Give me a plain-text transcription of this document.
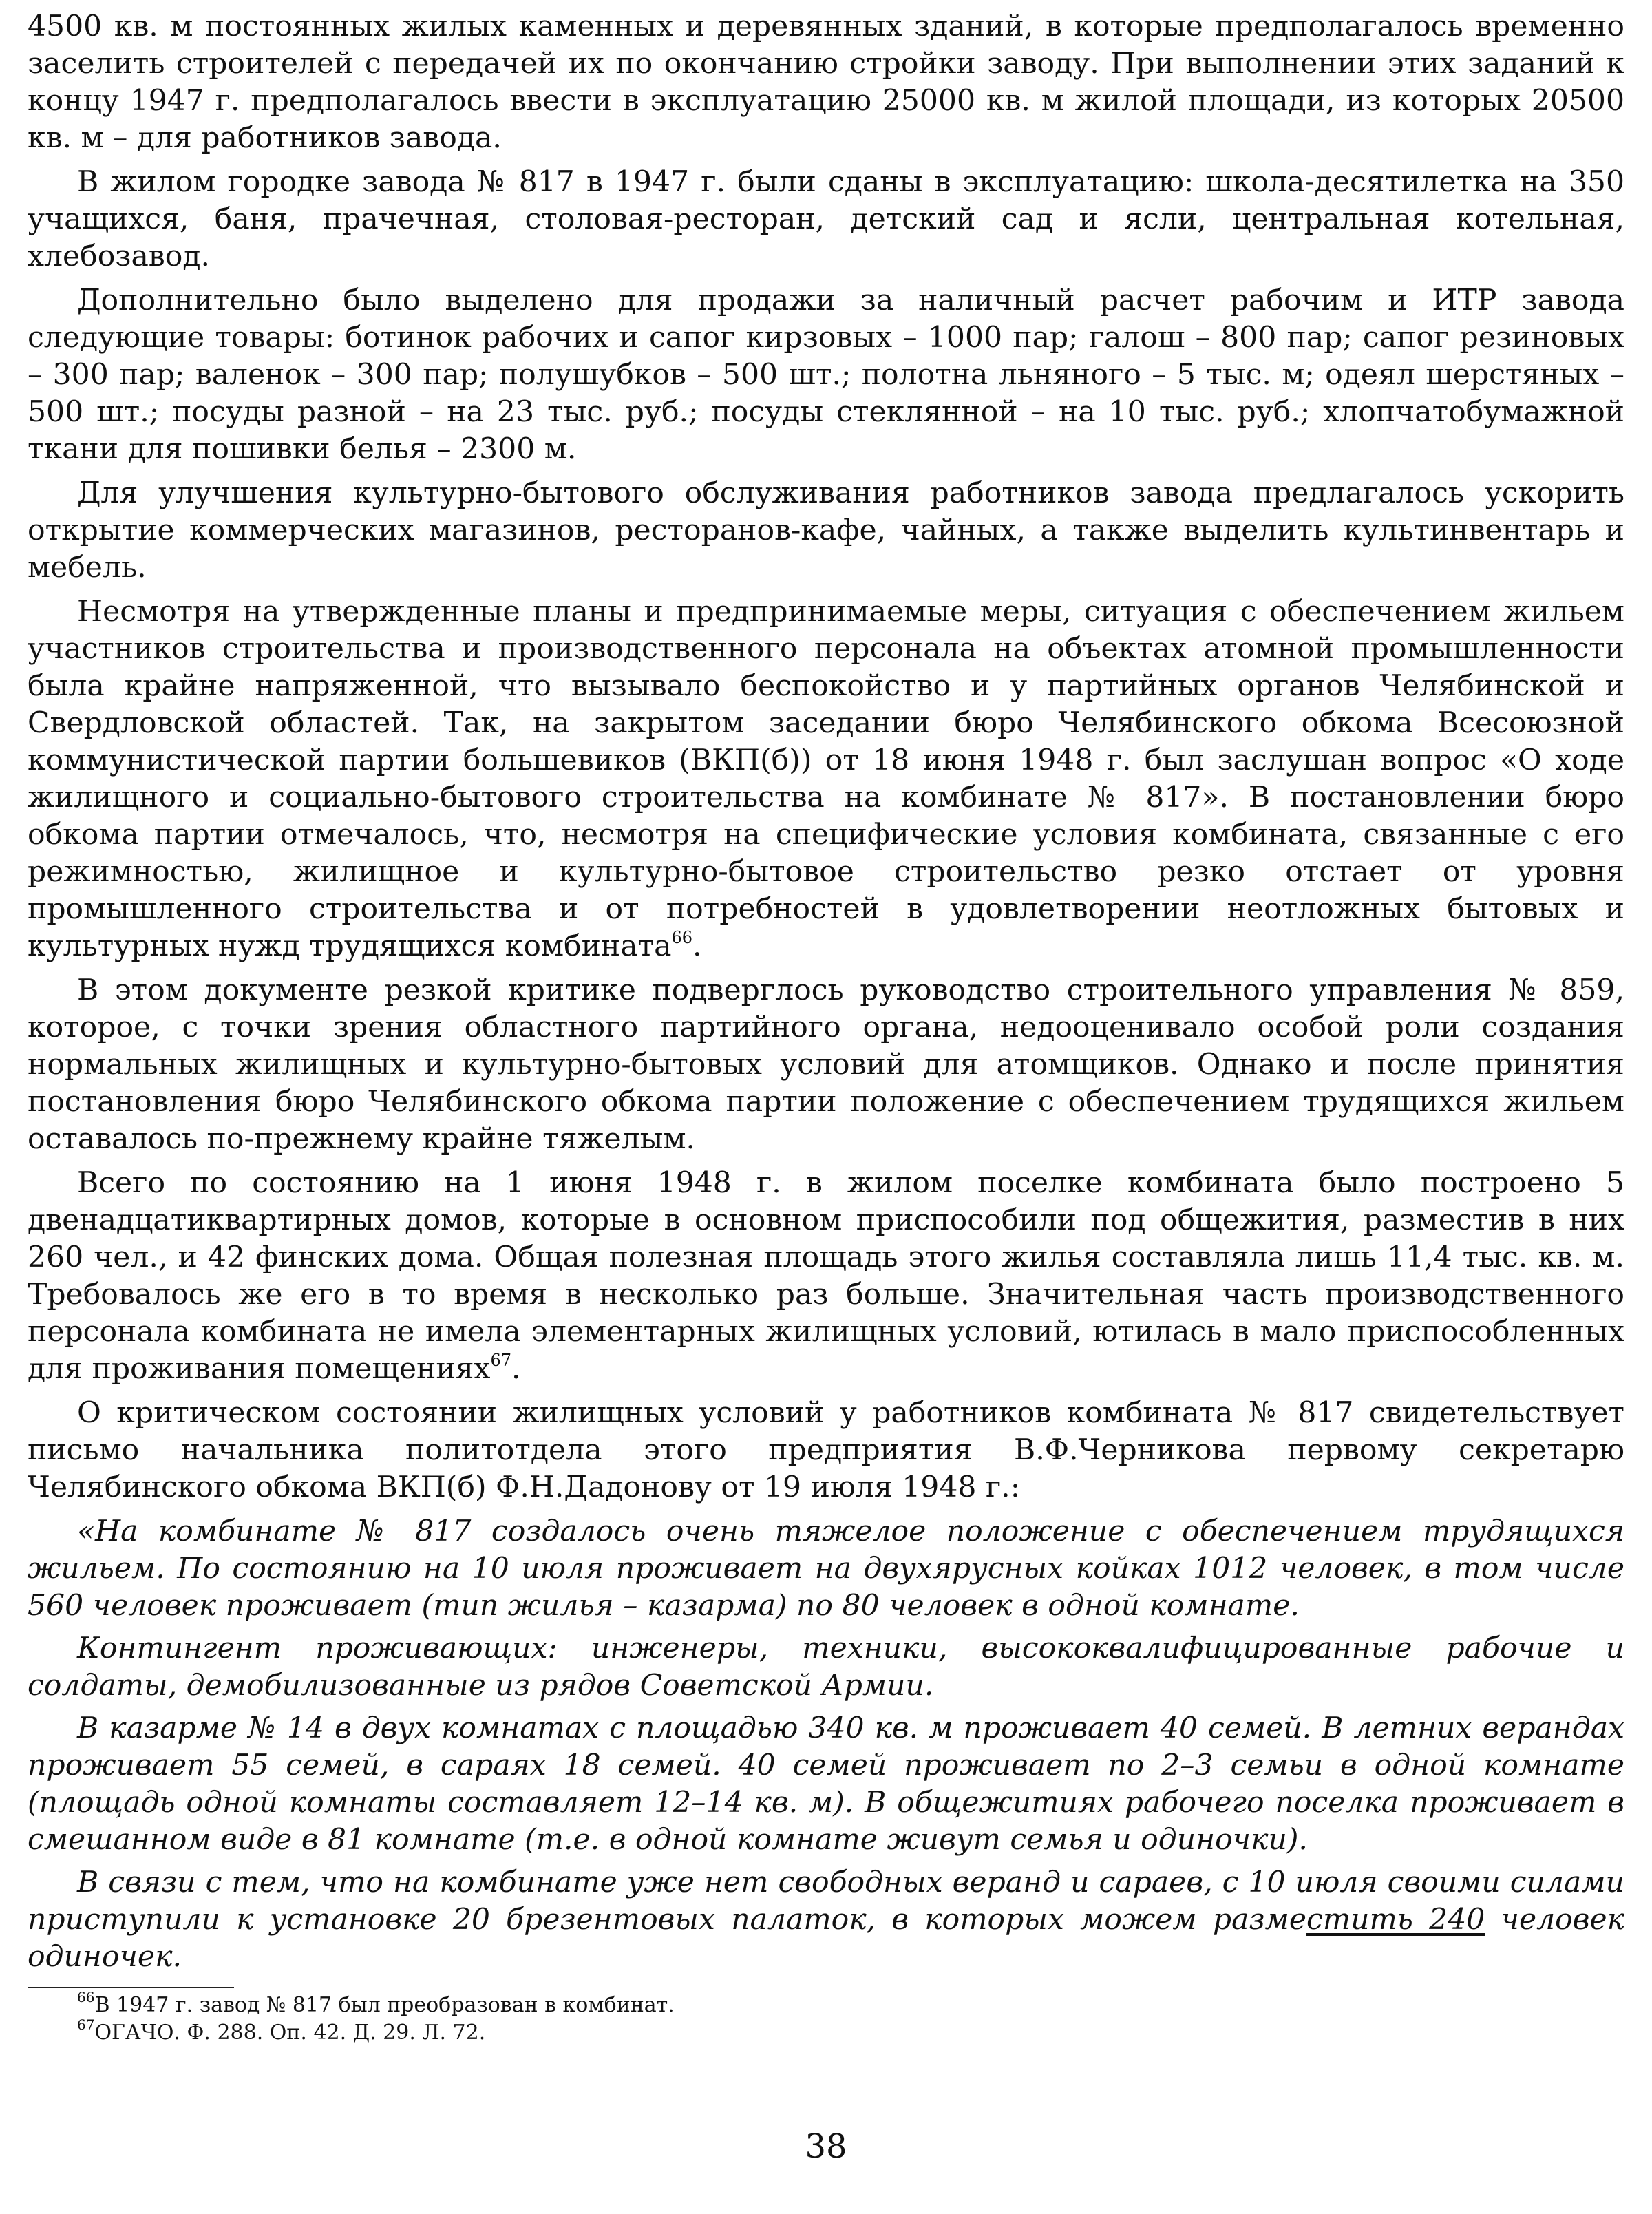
4500 кв. м постоянных жилых каменных и деревянных зданий, в которые предполагалось временно заселить строителей с передачей их по окончанию стройки заводу. При выполнении этих заданий к концу 1947 г. предполагалось ввести в эксплуатацию 25000 кв. м жилой площади, из которых 20500 кв. м – для работников завода.

В жилом городке завода № 817 в 1947 г. были сданы в эксплуатацию: школа-десятилетка на 350 учащихся, баня, прачечная, столовая-ресторан, детский сад и ясли, центральная котельная, хлебозавод.

Дополнительно было выделено для продажи за наличный расчет рабочим и ИТР завода следующие товары: ботинок рабочих и сапог кирзовых – 1000 пар; галош – 800 пар; сапог резиновых – 300 пар; валенок – 300 пар; полушубков – 500 шт.; полотна льняного – 5 тыс. м; одеял шерстяных – 500 шт.; посуды разной – на 23 тыс. руб.; посуды стеклянной – на 10 тыс. руб.; хлопчатобумажной ткани для пошивки белья – 2300 м.

Для улучшения культурно-бытового обслуживания работников завода предлагалось ускорить открытие коммерческих магазинов, ресторанов-кафе, чайных, а также выделить культинвентарь и мебель.

Несмотря на утвержденные планы и предпринимаемые меры, ситуация с обеспечением жильем участников строительства и производственного персонала на объектах атомной промышленности была крайне напряженной, что вызывало беспокойство и у партийных органов Челябинской и Свердловской областей. Так, на закрытом заседании бюро Челябинского обкома Всесоюзной коммунистической партии большевиков (ВКП(б)) от 18 июня 1948 г. был заслушан вопрос «О ходе жилищного и социально-бытового строительства на комбинате № 817». В постановлении бюро обкома партии отмечалось, что, несмотря на специфические условия комбината, связанные с его режимностью, жилищное и культурно-бытовое строительство резко отстает от уровня промышленного строительства и от потребностей в удовлетворении неотложных бытовых и культурных нужд трудящихся комбината$^{66}$.

В этом документе резкой критике подверглось руководство строительного управления № 859, которое, с точки зрения областного партийного органа, недооценивало особой роли создания нормальных жилищных и культурно-бытовых условий для атомщиков. Однако и после принятия постановления бюро Челябинского обкома партии положение с обеспечением трудящихся жильем оставалось по-прежнему крайне тяжелым.

Всего по состоянию на 1 июня 1948 г. в жилом поселке комбината было построено 5 двенадцатиквартирных домов, которые в основном приспособили под общежития, разместив в них 260 чел., и 42 финских дома. Общая полезная площадь этого жилья составляла лишь 11,4 тыс. кв. м. Требовалось же его в то время в несколько раз больше. Значительная часть производственного персонала комбината не имела элементарных жилищных условий, ютилась в мало приспособленных для проживания помещениях$^{67}$.

О критическом состоянии жилищных условий у работников комбината № 817 свидетельствует письмо начальника политотдела этого предприятия В.Ф.Черникова первому секретарю Челябинского обкома ВКП(б) Ф.Н.Дадонову от 19 июля 1948 г.:

«На комбинате № 817 создалось очень тяжелое положение с обеспечением трудящихся жильем. По состоянию на 10 июля проживает на двухярусных койках 1012 человек, в том числе 560 человек проживает (тип жилья – казарма) по 80 человек в одной комнате.

Контингент проживающих: инженеры, техники, высококвалифицированные рабочие и солдаты, демобилизованные из рядов Советской Армии.

В казарме № 14 в двух комнатах с площадью 340 кв. м проживает 40 семей. В летних верандах проживает 55 семей, в сараях 18 семей. 40 семей проживает по 2–3 семьи в одной комнате (площадь одной комнаты составляет 12–14 кв. м). В общежитиях рабочего поселка проживает в смешанном виде в 81 комнате (т.е. в одной комнате живут семья и одиночки).

В связи с тем, что на комбинате уже нет свободных веранд и сараев, с 10 июля своими силами приступили к установке 20 брезентовых палаток, в которых можем разместить 240 человек одиночек.

$^{66}$В 1947 г. завод № 817 был преобразован в комбинат.
$^{67}$ОГАЧО. Ф. 288. Оп. 42. Д. 29. Л. 72.
38
